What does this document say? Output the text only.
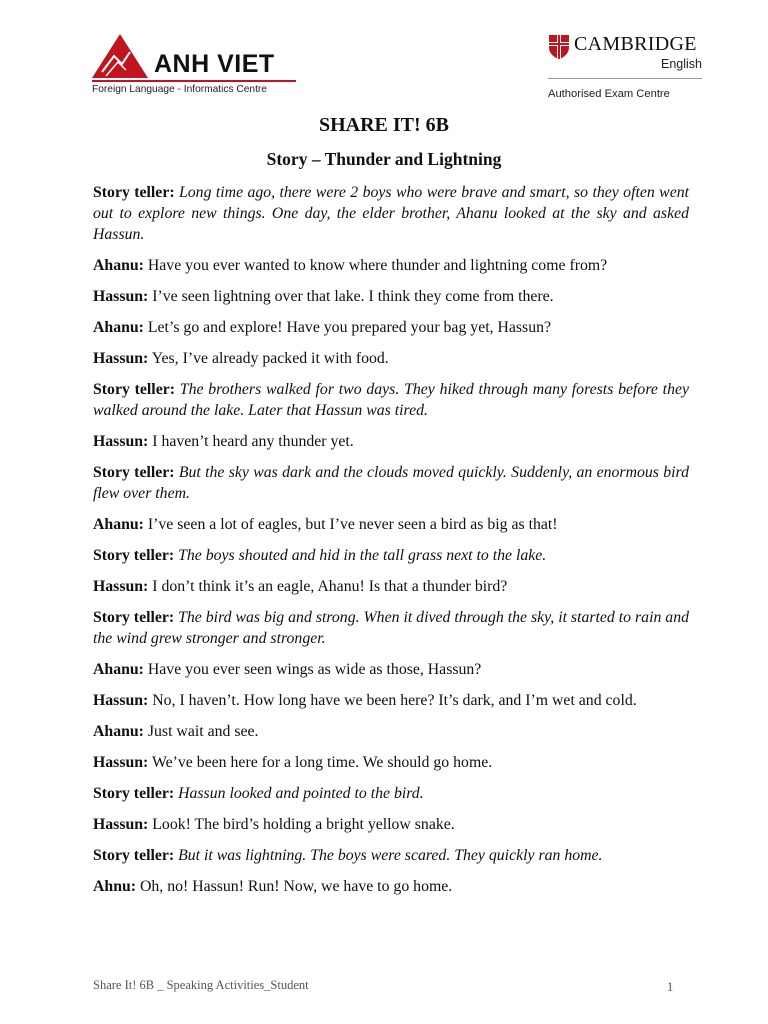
ANH VIET
Foreign Language - Informatics Centre
CAMBRIDGE
English
Authorised Exam Centre
SHARE IT! 6B
Story – Thunder and Lightning

Story teller: Long time ago, there were 2 boys who were brave and smart, so they often went out to explore new things. One day, the elder brother, Ahanu looked at the sky and asked Hassun.

Ahanu: Have you ever wanted to know where thunder and lightning come from?

Hassun: I’ve seen lightning over that lake. I think they come from there.

Ahanu: Let’s go and explore! Have you prepared your bag yet, Hassun?

Hassun: Yes, I’ve already packed it with food.

Story teller: The brothers walked for two days. They hiked through many forests before they walked around the lake. Later that Hassun was tired.

Hassun: I haven’t heard any thunder yet.

Story teller: But the sky was dark and the clouds moved quickly. Suddenly, an enormous bird flew over them.

Ahanu: I’ve seen a lot of eagles, but I’ve never seen a bird as big as that!

Story teller: The boys shouted and hid in the tall grass next to the lake.

Hassun: I don’t think it’s an eagle, Ahanu! Is that a thunder bird?

Story teller: The bird was big and strong. When it dived through the sky, it started to rain and the wind grew stronger and stronger.

Ahanu: Have you ever seen wings as wide as those, Hassun?

Hassun: No, I haven’t. How long have we been here? It’s dark, and I’m wet and cold.

Ahanu: Just wait and see.

Hassun: We’ve been here for a long time. We should go home.

Story teller: Hassun looked and pointed to the bird.

Hassun: Look! The bird’s holding a bright yellow snake.

Story teller: But it was lightning. The boys were scared. They quickly ran home.

Ahnu: Oh, no! Hassun! Run! Now, we have to go home.

Share It! 6B _ Speaking Activities_Student	1
